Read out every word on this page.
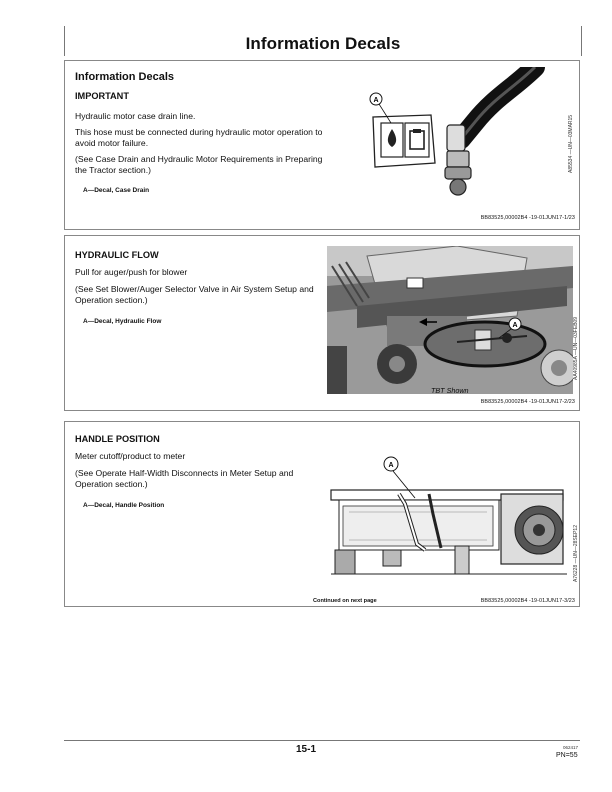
Information Decals
Information Decals
IMPORTANT
Hydraulic motor case drain line.
This hose must be connected during hydraulic motor operation to avoid motor failure.
(See Case Drain and Hydraulic Motor Requirements in Preparing the Tractor section.)
A—Decal, Case Drain
A
A85534 —UN—03MAR15
BB83525,00002B4 -19-01JUN17-1/23
HYDRAULIC FLOW
Pull for auger/push for blower
(See Set Blower/Auger Selector Valve in Air System Setup and Operation section.)
A—Decal, Hydraulic Flow
A
TBT Shown
AA40985A —UN—03FEB09
BB83525,00002B4 -19-01JUN17-2/23
HANDLE POSITION
Meter cutoff/product to meter
(See Operate Half-Width Disconnects in Meter Setup and Operation section.)
A—Decal, Handle Position
A
A76228 —UN—28SEP12
Continued on next page	BB83525,00002B4 -19-01JUN17-3/23
15-1	062417
PN=55
